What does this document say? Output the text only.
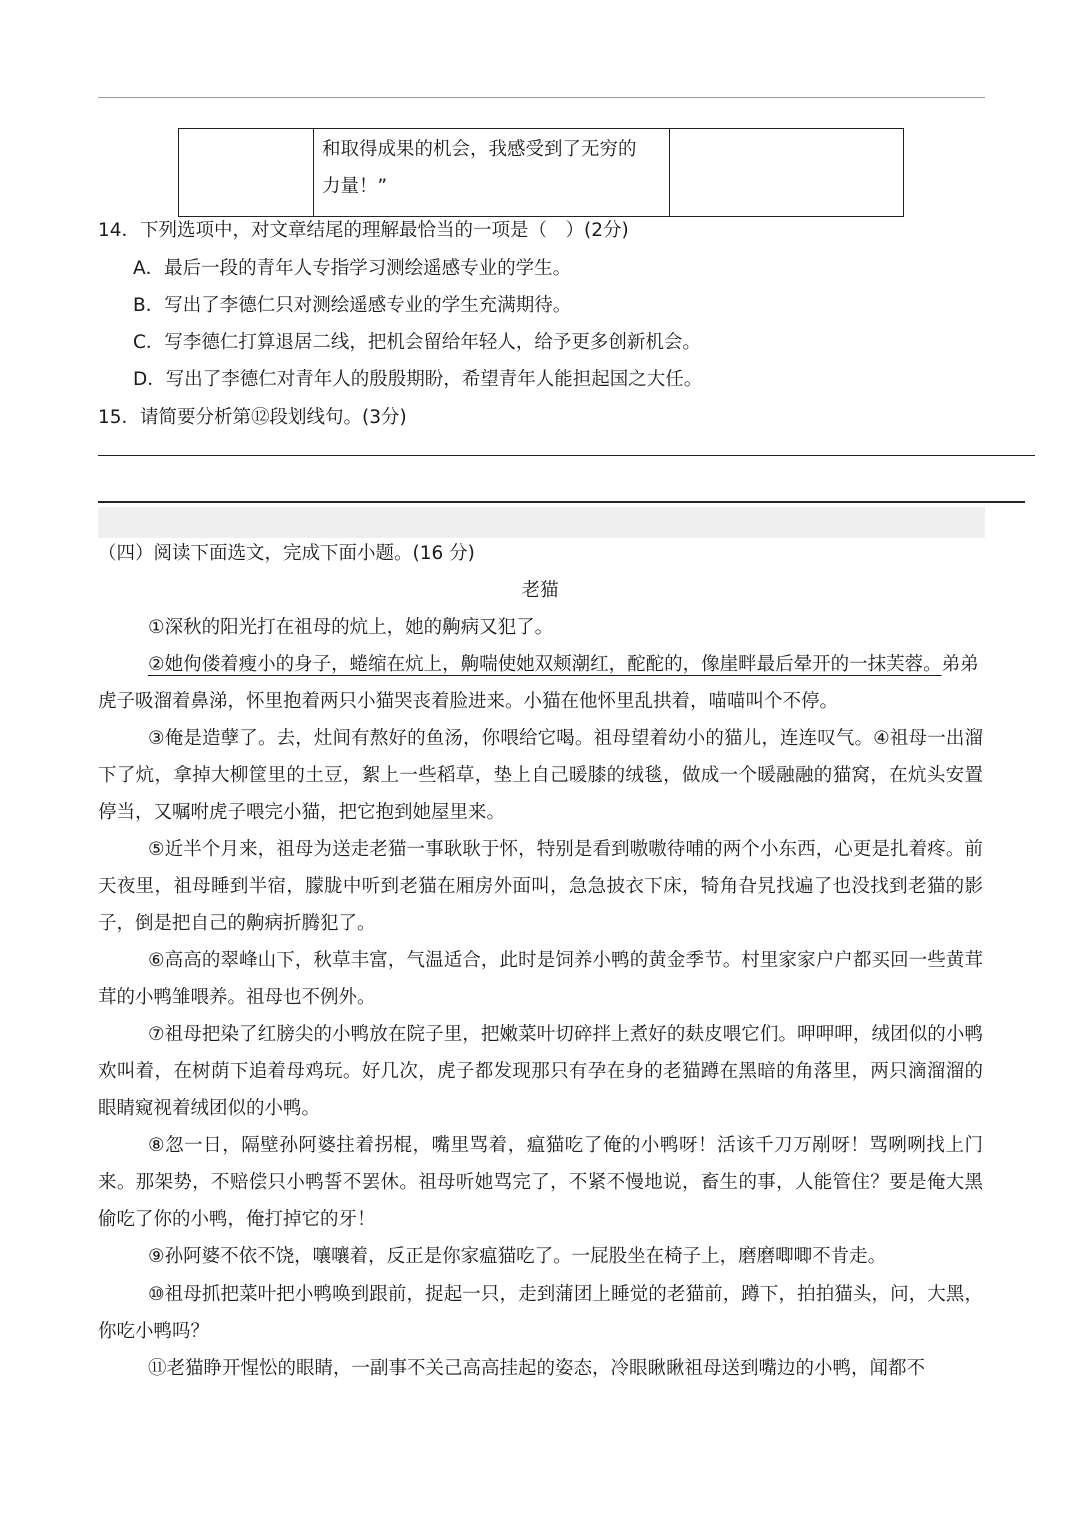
和取得成果的机会，我感受到了无穷的
力量！”
14．下列选项中，对文章结尾的理解最恰当的一项是（　）(2分)
A．最后一段的青年人专指学习测绘遥感专业的学生。
B．写出了李德仁只对测绘遥感专业的学生充满期待。
C．写李德仁打算退居二线，把机会留给年轻人，给予更多创新机会。
D．写出了李德仁对青年人的殷殷期盼，希望青年人能担起国之大任。
15．请简要分析第⑫段划线句。(3分)
（四）阅读下面选文，完成下面小题。(16 分)
老猫
①深秋的阳光打在祖母的炕上，她的齁病又犯了。
②她佝偻着瘦小的身子，蜷缩在炕上，齁喘使她双颊潮红，酡酡的，像崖畔最后晕开的一抹芙蓉。弟弟虎子吸溜着鼻涕，怀里抱着两只小猫哭丧着脸进来。小猫在他怀里乱拱着，喵喵叫个不停。
③俺是造孽了。去，灶间有熬好的鱼汤，你喂给它喝。祖母望着幼小的猫儿，连连叹气。④祖母一出溜下了炕，拿掉大柳筐里的土豆，絮上一些稻草，垫上自己暖膝的绒毯，做成一个暖融融的猫窝，在炕头安置停当，又嘱咐虎子喂完小猫，把它抱到她屋里来。
⑤近半个月来，祖母为送走老猫一事耿耿于怀，特别是看到嗷嗷待哺的两个小东西，心更是扎着疼。前天夜里，祖母睡到半宿，朦胧中听到老猫在厢房外面叫，急急披衣下床，犄角旮旯找遍了也没找到老猫的影子，倒是把自己的齁病折腾犯了。
⑥高高的翠峰山下，秋草丰富，气温适合，此时是饲养小鸭的黄金季节。村里家家户户都买回一些黄茸茸的小鸭雏喂养。祖母也不例外。
⑦祖母把染了红膀尖的小鸭放在院子里，把嫩菜叶切碎拌上煮好的麸皮喂它们。呷呷呷，绒团似的小鸭欢叫着，在树荫下追着母鸡玩。好几次，虎子都发现那只有孕在身的老猫蹲在黑暗的角落里，两只滴溜溜的眼睛窥视着绒团似的小鸭。
⑧忽一日，隔壁孙阿婆拄着拐棍，嘴里骂着，瘟猫吃了俺的小鸭呀！活该千刀万剐呀！骂咧咧找上门来。那架势，不赔偿只小鸭誓不罢休。祖母听她骂完了，不紧不慢地说，畜生的事，人能管住？要是俺大黑偷吃了你的小鸭，俺打掉它的牙！
⑨孙阿婆不依不饶，嚷嚷着，反正是你家瘟猫吃了。一屁股坐在椅子上，磨磨唧唧不肯走。
⑩祖母抓把菜叶把小鸭唤到跟前，捉起一只，走到蒲团上睡觉的老猫前，蹲下，拍拍猫头，问，大黑，你吃小鸭吗？
⑪老猫睁开惺忪的眼睛，一副事不关己高高挂起的姿态，冷眼瞅瞅祖母送到嘴边的小鸭，闻都不
